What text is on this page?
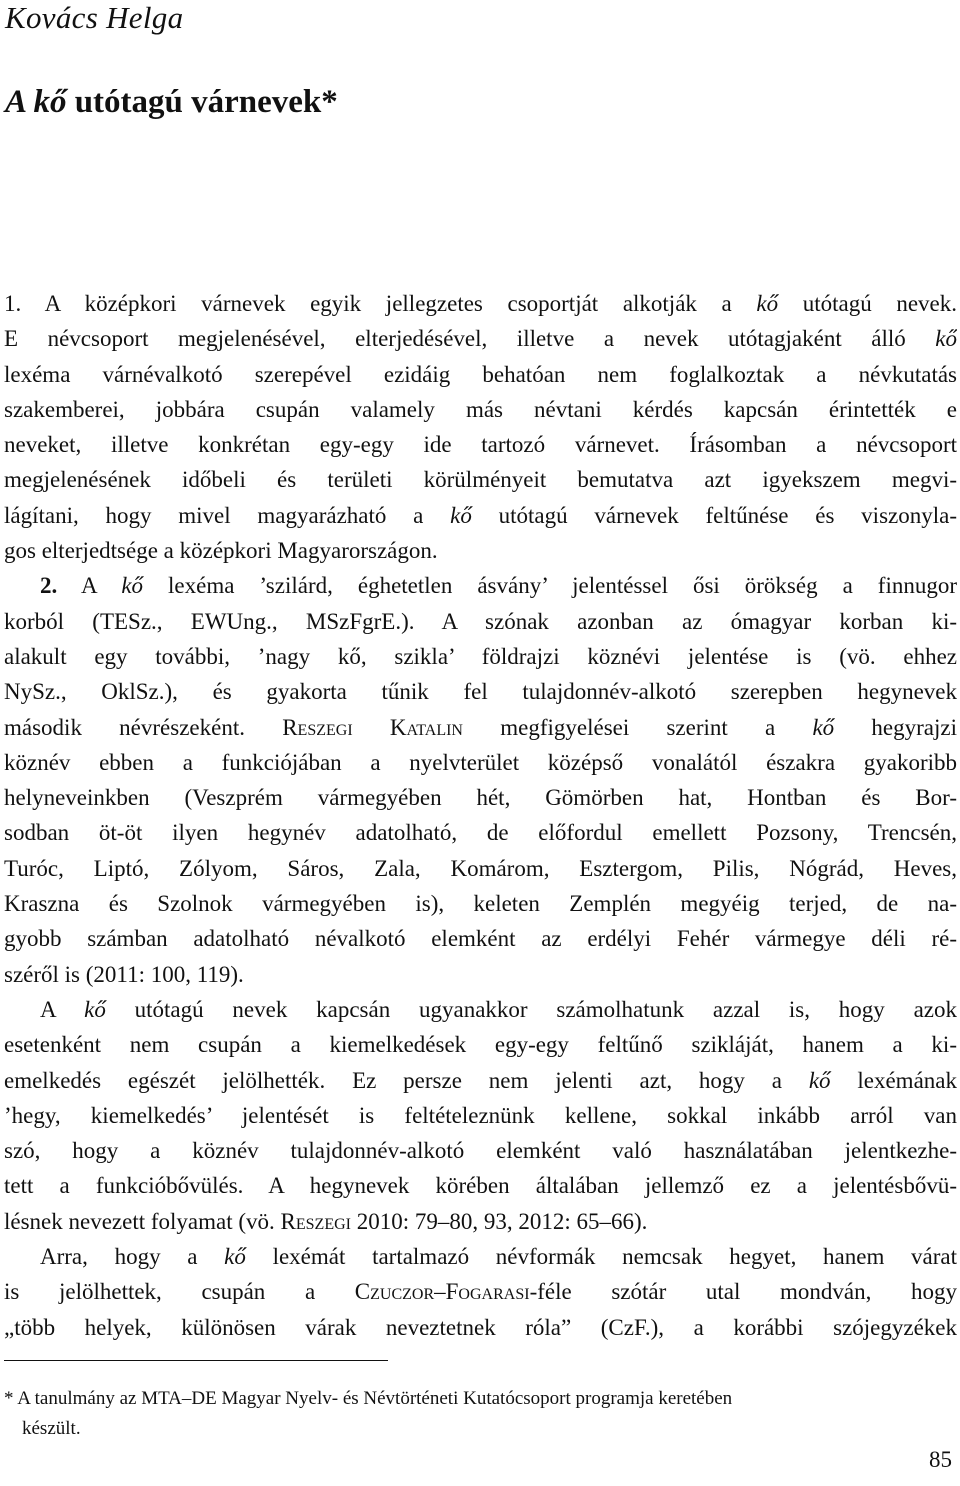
Kovács Helga
A kő utótagú várnevek*
1. A középkori várnevek egyik jellegzetes csoportját alkotják a kő utótagú nevek.
E névcsoport megjelenésével, elterjedésével, illetve a nevek utótagjaként álló kő
lexéma várnévalkotó szerepével ezidáig behatóan nem foglalkoztak a névkutatás
szakemberei, jobbára csupán valamely más névtani kérdés kapcsán érintették e
neveket, illetve konkrétan egy-egy ide tartozó várnevet. Írásomban a névcsoport
megjelenésének időbeli és területi körülményeit bemutatva azt igyekszem megvi-
lágítani, hogy mivel magyarázható a kő utótagú várnevek feltűnése és viszonyla-
gos elterjedtsége a középkori Magyarországon.
2. A kő lexéma ’szilárd, éghetetlen ásvány’ jelentéssel ősi örökség a finnugor
korból (TESz., EWUng., MSzFgrE.). A szónak azonban az ómagyar korban ki-
alakult egy további, ’nagy kő, szikla’ földrajzi köznévi jelentése is (vö. ehhez
NySz., OklSz.), és gyakorta tűnik fel tulajdonnév-alkotó szerepben hegynevek
második névrészeként. Reszegi Katalin megfigyelései szerint a kő hegyrajzi
köznév ebben a funkciójában a nyelvterület középső vonalától északra gyakoribb
helyneveinkben (Veszprém vármegyében hét, Gömörben hat, Hontban és Bor-
sodban öt-öt ilyen hegynév adatolható, de előfordul emellett Pozsony, Trencsén,
Turóc, Liptó, Zólyom, Sáros, Zala, Komárom, Esztergom, Pilis, Nógrád, Heves,
Kraszna és Szolnok vármegyében is), keleten Zemplén megyéig terjed, de na-
gyobb számban adatolható névalkotó elemként az erdélyi Fehér vármegye déli ré-
széről is (2011: 100, 119).
A kő utótagú nevek kapcsán ugyanakkor számolhatunk azzal is, hogy azok
esetenként nem csupán a kiemelkedések egy-egy feltűnő szikláját, hanem a ki-
emelkedés egészét jelölhették. Ez persze nem jelenti azt, hogy a kő lexémának
’hegy, kiemelkedés’ jelentését is feltételeznünk kellene, sokkal inkább arról van
szó, hogy a köznév tulajdonnév-alkotó elemként való használatában jelentkezhe-
tett a funkcióbővülés. A hegynevek körében általában jellemző ez a jelentésbővü-
lésnek nevezett folyamat (vö. Reszegi 2010: 79–80, 93, 2012: 65–66).
Arra, hogy a kő lexémát tartalmazó névformák nemcsak hegyet, hanem várat
is jelölhettek, csupán a Czuczor–Fogarasi-féle szótár utal mondván, hogy
„több helyek, különösen várak neveztetnek róla” (CzF.), a korábbi szójegyzékek
* A tanulmány az MTA–DE Magyar Nyelv- és Névtörténeti Kutatócsoport programja keretében
készült.
85
